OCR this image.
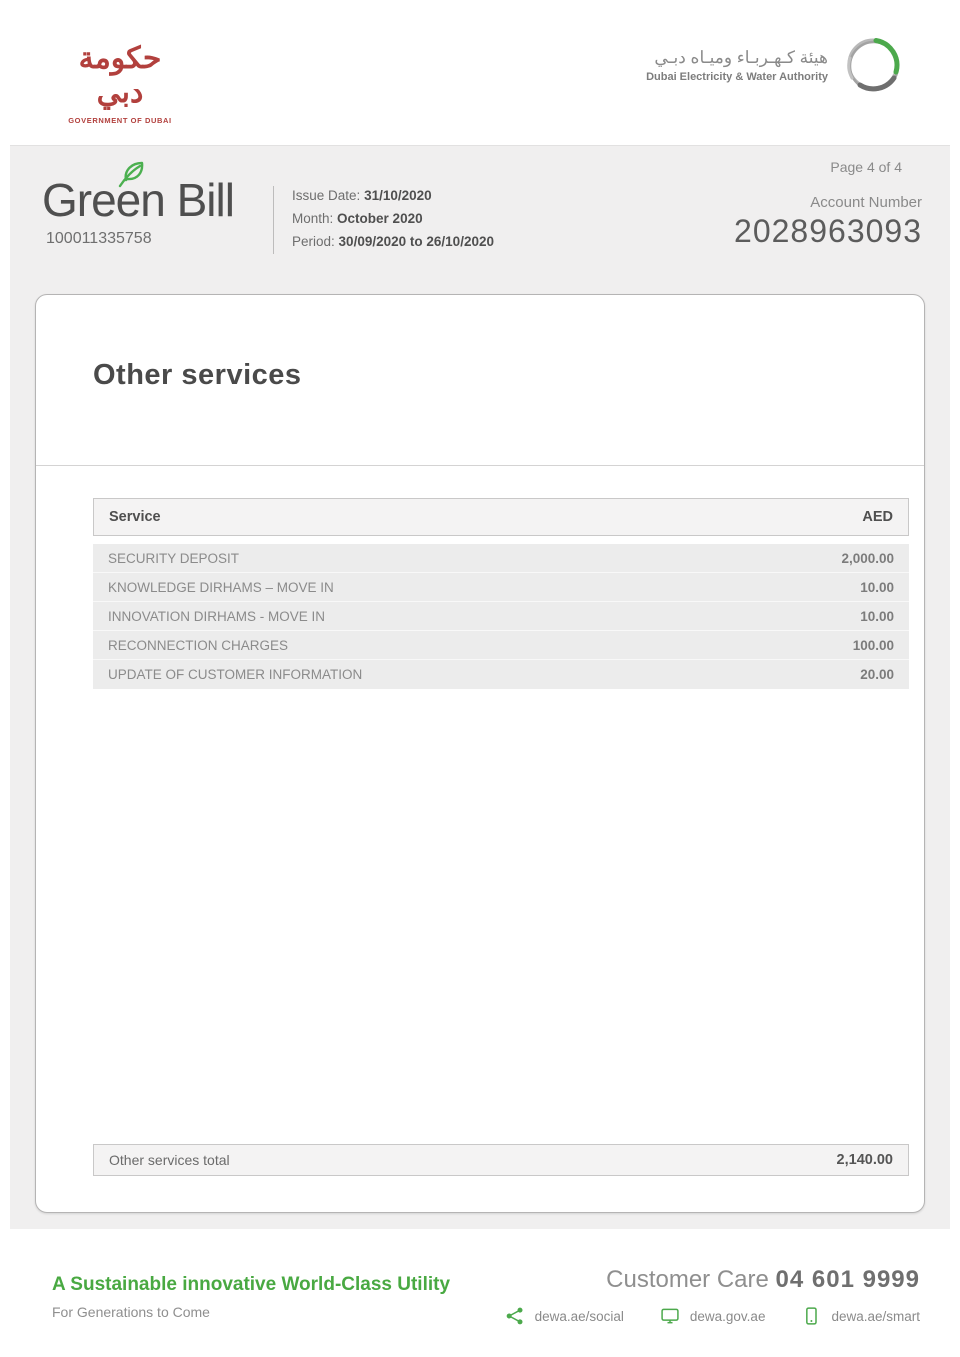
حكومة دبي
GOVERNMENT OF DUBAI
هيئة كـهـربـاء وميـاه دبـي
Dubai Electricity & Water Authority
Page 4 of 4
Green Bill
100011335758
Issue Date: 31/10/2020
Month: October 2020
Period: 30/09/2020 to 26/10/2020
Account Number
2028963093
Other services
Service	AED
SECURITY DEPOSIT	2,000.00
KNOWLEDGE DIRHAMS – MOVE IN	10.00
INNOVATION DIRHAMS - MOVE IN	10.00
RECONNECTION CHARGES	100.00
UPDATE OF CUSTOMER INFORMATION	20.00
Other services total	2,140.00
A Sustainable innovative World-Class Utility
For Generations to Come
Customer Care 04 601 9999
dewa.ae/social	dewa.gov.ae	dewa.ae/smart
